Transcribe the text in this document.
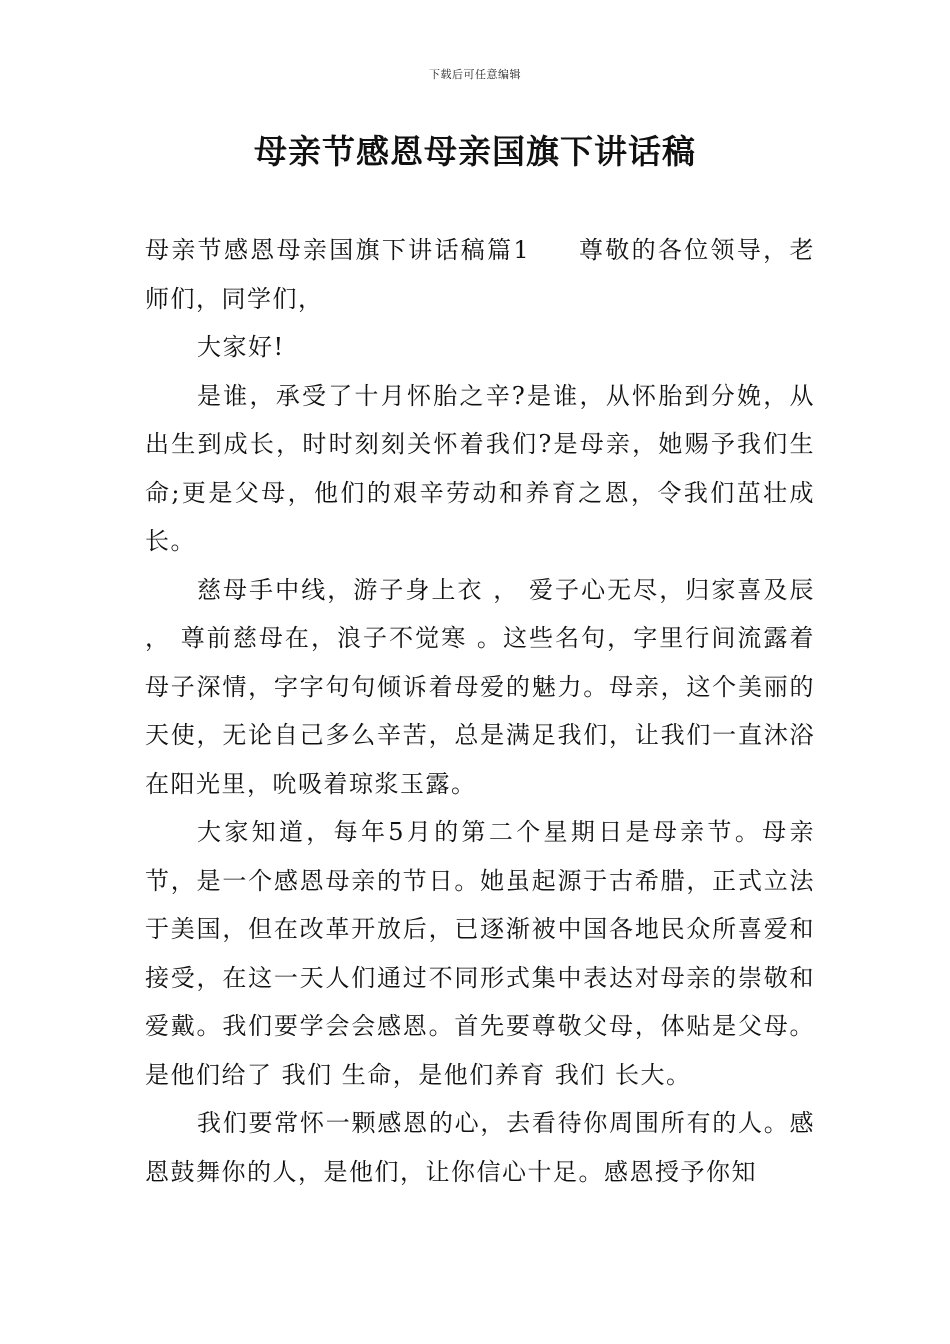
下载后可任意编辑
母亲节感恩母亲国旗下讲话稿

母亲节感恩母亲国旗下讲话稿篇1 尊敬的各位领导，老师们，同学们，

大家好!

是谁，承受了十月怀胎之辛?是谁，从怀胎到分娩，从出生到成长，时时刻刻关怀着我们?是母亲，她赐予我们生命;更是父母，他们的艰辛劳动和养育之恩，令我们茁壮成长。

慈母手中线，游子身上衣 ， 爱子心无尽，归家喜及辰 ， 尊前慈母在，浪子不觉寒 。这些名句，字里行间流露着母子深情，字字句句倾诉着母爱的魅力。母亲，这个美丽的天使，无论自己多么辛苦，总是满足我们，让我们一直沐浴在阳光里，吮吸着琼浆玉露。

大家知道，每年5月的第二个星期日是母亲节。母亲节，是一个感恩母亲的节日。她虽起源于古希腊，正式立法于美国，但在改革开放后，已逐渐被中国各地民众所喜爱和接受，在这一天人们通过不同形式集中表达对母亲的崇敬和爱戴。我们要学会会感恩。首先要尊敬父母，体贴是父母。是他们给了 我们 生命，是他们养育 我们 长大。

我们要常怀一颗感恩的心，去看待你周围所有的人。感恩鼓舞你的人，是他们，让你信心十足。感恩授予你知
